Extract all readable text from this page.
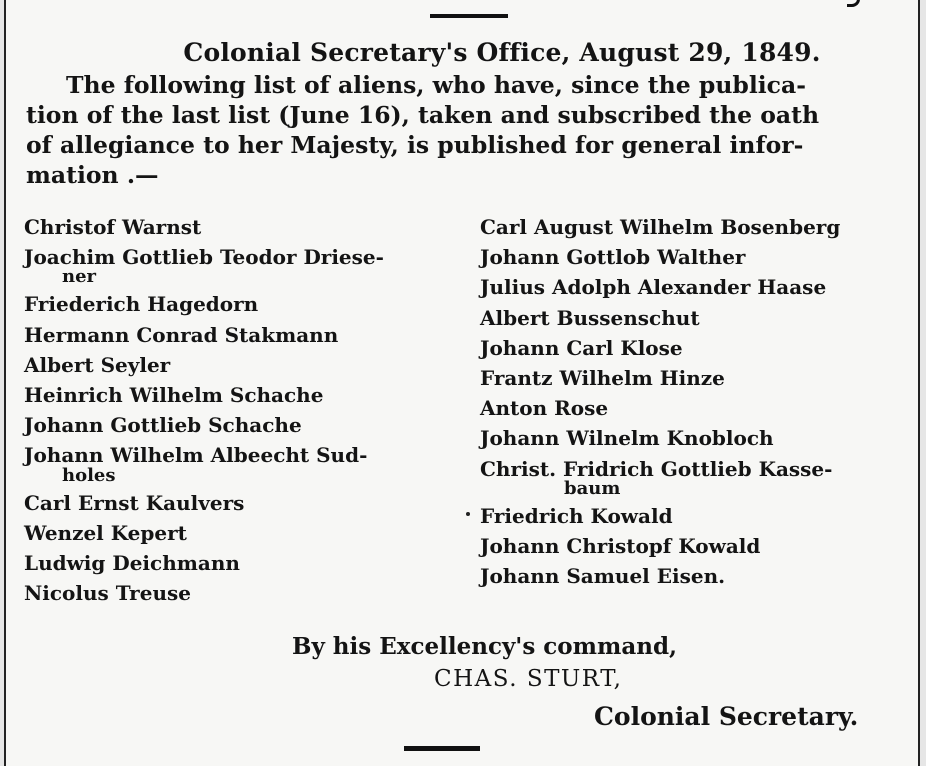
Colonial Secretary's Office, August 29, 1849.
The following list of aliens, who have, since the publica-
tion of the last list (June 16), taken and subscribed the oath
of allegiance to her Majesty, is published for general infor-
mation .—
Christof Warnst
Joachim Gottlieb Teodor Driese-
ner
Friederich Hagedorn
Hermann Conrad Stakmann
Albert Seyler
Heinrich Wilhelm Schache
Johann Gottlieb Schache
Johann Wilhelm Albeecht Sud-
holes
Carl Ernst Kaulvers
Wenzel Kepert
Ludwig Deichmann
Nicolus Treuse
Carl August Wilhelm Bosenberg
Johann Gottlob Walther
Julius Adolph Alexander Haase
Albert Bussenschut
Johann Carl Klose
Frantz Wilhelm Hinze
Anton Rose
Johann Wilnelm Knobloch
Christ. Fridrich Gottlieb Kasse-
baum
Friedrich Kowald
Johann Christopf Kowald
Johann Samuel Eisen.
By his Excellency's command,
CHAS. STURT,
Colonial Secretary.
